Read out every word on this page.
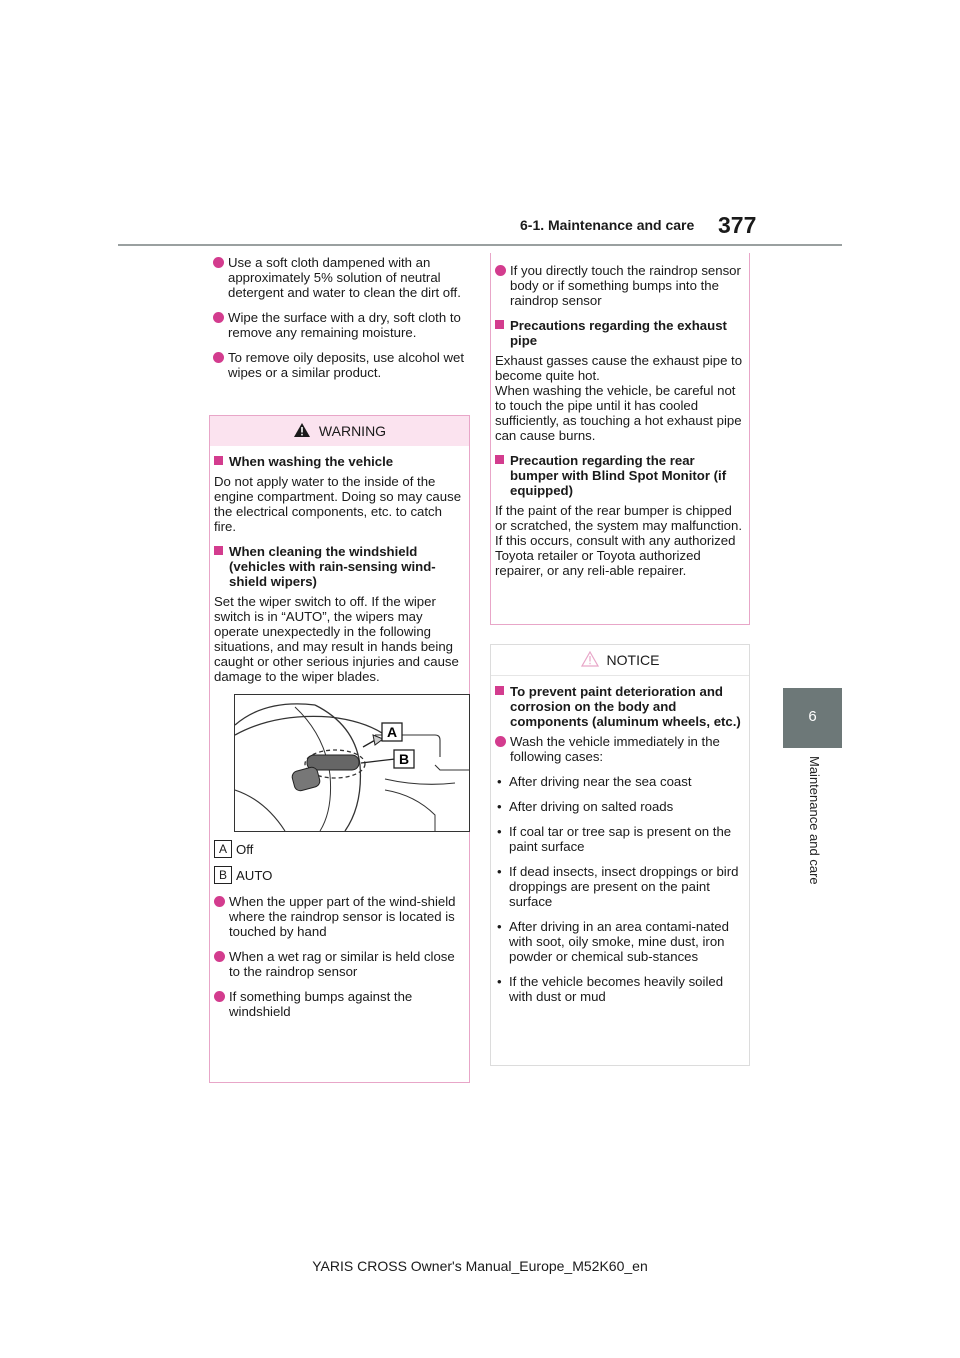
6-1. Maintenance and care 377
6
Maintenance and care
Use a soft cloth dampened with an approximately 5% solution of neutral detergent and water to clean the dirt off.
Wipe the surface with a dry, soft cloth to remove any remaining moisture.
To remove oily deposits, use alcohol wet wipes or a similar product.
WARNING
When washing the vehicle
Do not apply water to the inside of the engine compartment. Doing so may cause the electrical components, etc. to catch fire.
When cleaning the windshield (vehicles with rain-sensing wind-shield wipers)
Set the wiper switch to off. If the wiper switch is in “AUTO”, the wipers may operate unexpectedly in the following situations, and may result in hands being caught or other serious injuries and cause damage to the wiper blades.
A
B
A Off
B AUTO
When the upper part of the wind-shield where the raindrop sensor is located is touched by hand
When a wet rag or similar is held close to the raindrop sensor
If something bumps against the windshield
If you directly touch the raindrop sensor body or if something bumps into the raindrop sensor
Precautions regarding the exhaust pipe
Exhaust gasses cause the exhaust pipe to become quite hot.
When washing the vehicle, be careful not to touch the pipe until it has cooled sufficiently, as touching a hot exhaust pipe can cause burns.
Precaution regarding the rear bumper with Blind Spot Monitor (if equipped)
If the paint of the rear bumper is chipped or scratched, the system may malfunction. If this occurs, consult with any authorized Toyota retailer or Toyota authorized repairer, or any reli-able repairer.
NOTICE
To prevent paint deterioration and corrosion on the body and components (aluminum wheels, etc.)
Wash the vehicle immediately in the following cases:
• After driving near the sea coast
• After driving on salted roads
• If coal tar or tree sap is present on the paint surface
• If dead insects, insect droppings or bird droppings are present on the paint surface
• After driving in an area contami-nated with soot, oily smoke, mine dust, iron powder or chemical sub-stances
• If the vehicle becomes heavily soiled with dust or mud
YARIS CROSS Owner's Manual_Europe_M52K60_en
